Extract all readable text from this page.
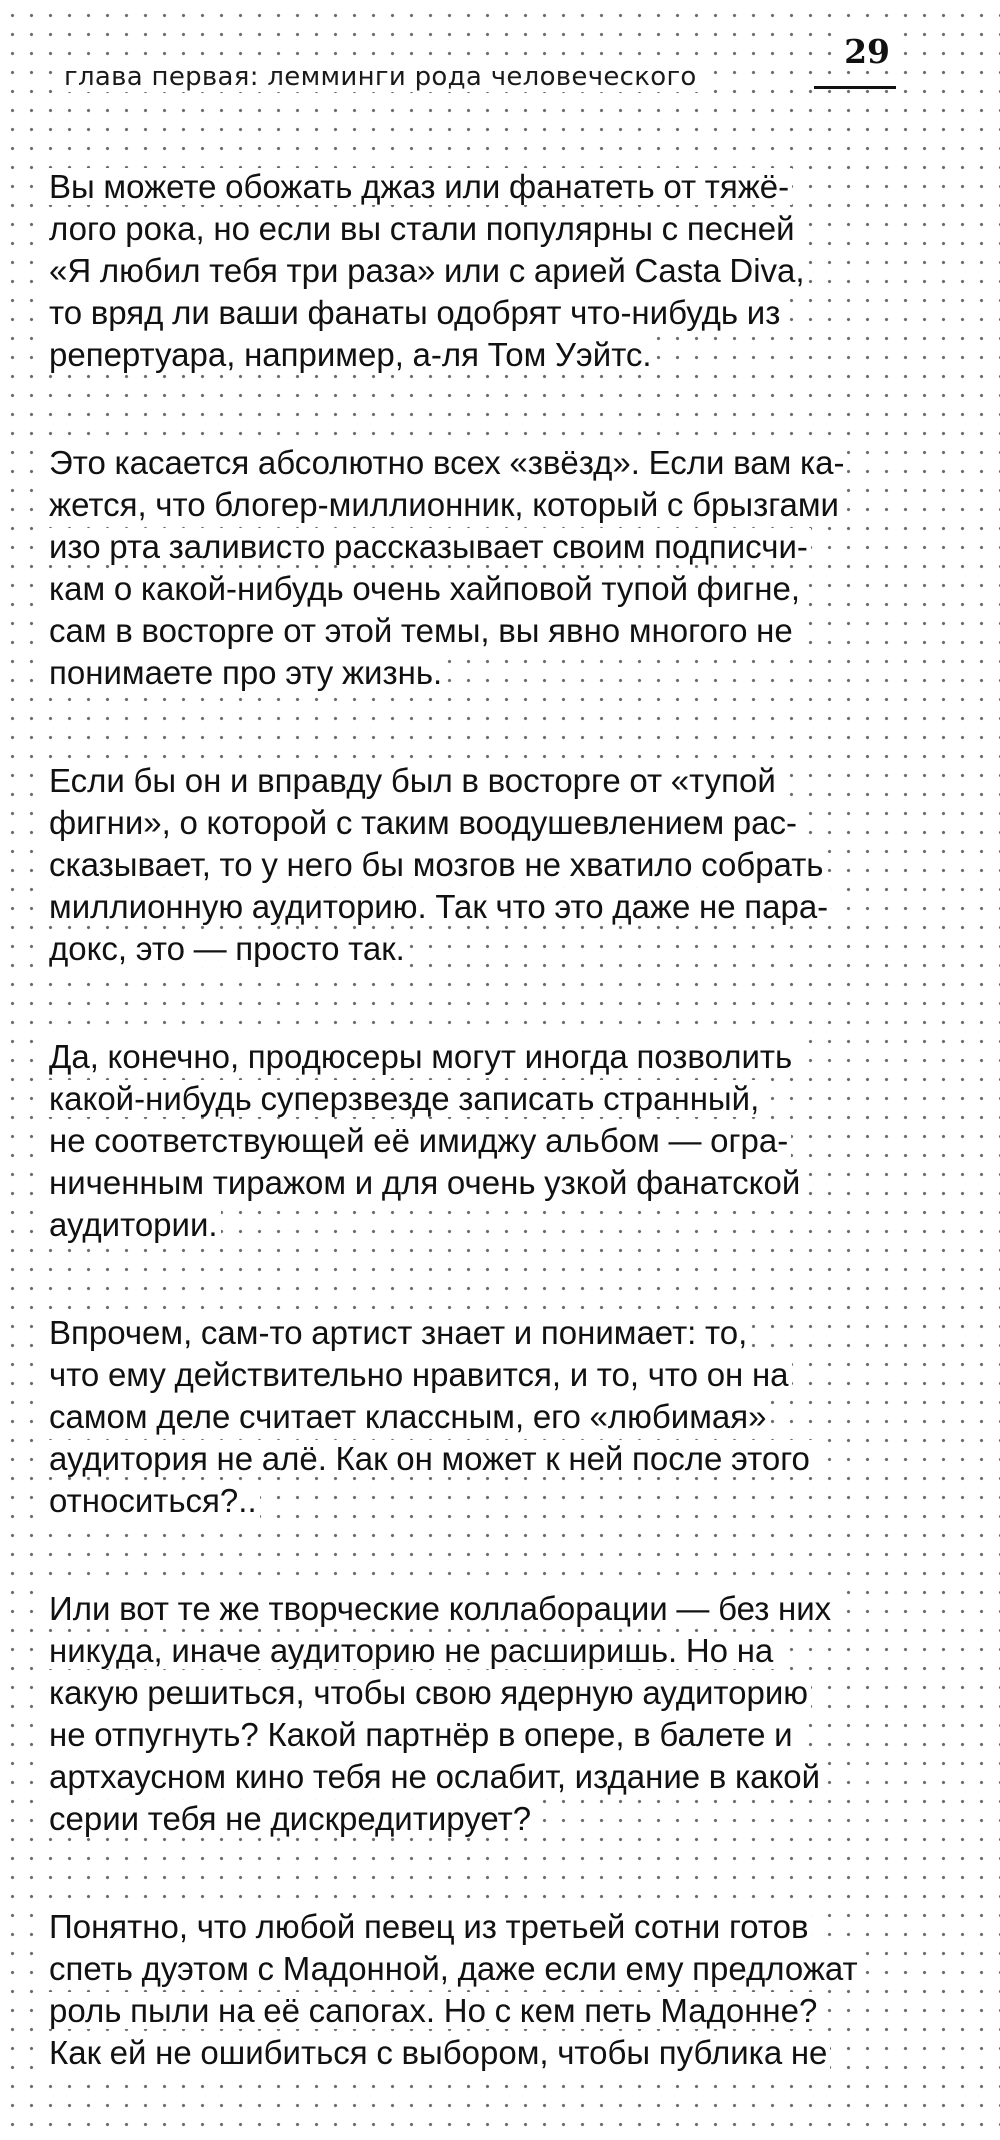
глава первая: лемминги рода человеческого
29

Вы можете обожать джаз или фанатеть от тяжё-
лого рока, но если вы стали популярны с песней
«Я любил тебя три раза» или с арией Casta Diva,
то вряд ли ваши фанаты одобрят что-нибудь из
репертуара, например, а-ля Том Уэйтс.

Это касается абсолютно всех «звёзд». Если вам ка-
жется, что блогер-миллионник, который с брызгами
изо рта заливисто рассказывает своим подписчи-
кам о какой-нибудь очень хайповой тупой фигне,
сам в восторге от этой темы, вы явно многого не
понимаете про эту жизнь.

Если бы он и вправду был в восторге от «тупой
фигни», о которой с таким воодушевлением рас-
сказывает, то у него бы мозгов не хватило собрать
миллионную аудиторию. Так что это даже не пара-
докс, это — просто так.

Да, конечно, продюсеры могут иногда позволить
какой-нибудь суперзвезде записать странный,
не соответствующей её имиджу альбом — огра-
ниченным тиражом и для очень узкой фанатской
аудитории.

Впрочем, сам-то артист знает и понимает: то,
что ему действительно нравится, и то, что он на
самом деле считает классным, его «любимая»
аудитория не алё. Как он может к ней после этого
относиться?..

Или вот те же творческие коллаборации — без них
никуда, иначе аудиторию не расширишь. Но на
какую решиться, чтобы свою ядерную аудиторию
не отпугнуть? Какой партнёр в опере, в балете и
артхаусном кино тебя не ослабит, издание в какой
серии тебя не дискредитирует?

Понятно, что любой певец из третьей сотни готов
спеть дуэтом с Мадонной, даже если ему предложат
роль пыли на её сапогах. Но с кем петь Мадонне?
Как ей не ошибиться с выбором, чтобы публика не
